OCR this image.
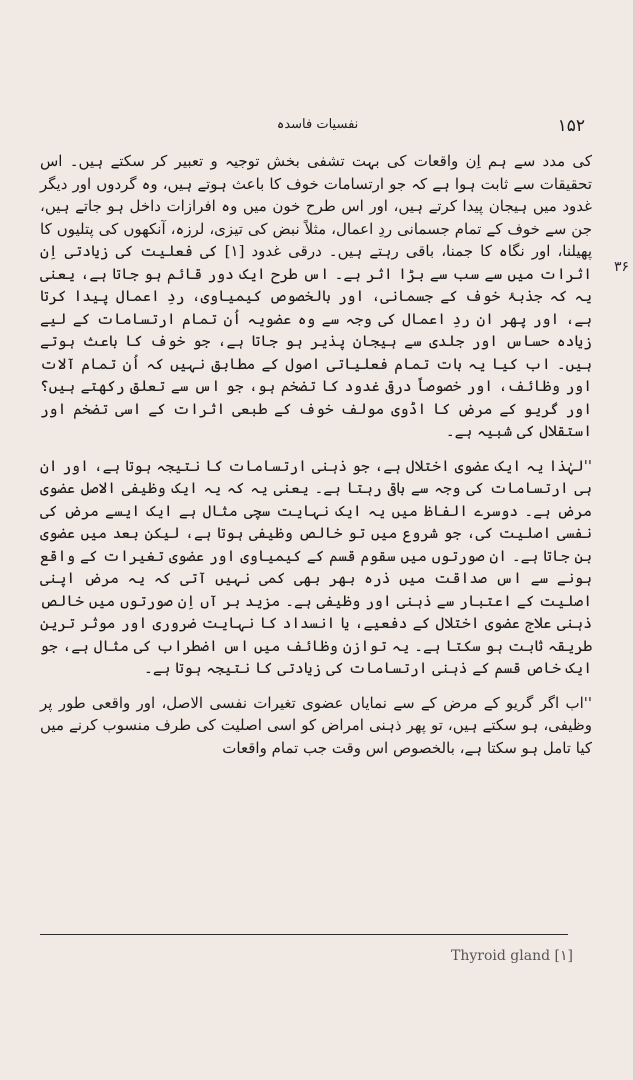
۱۵۲
نفسیات فاسدہ
۳۶

کی مدد سے ہم اِن واقعات کی بہت تشفی بخش توجیہ و تعبیر کر سکتے ہیں۔ اس تحقیقات سے ثابت ہوا ہے کہ جو ارتسامات خوف کا باعث ہوتے ہیں، وہ گردوں اور دیگر غدود میں ہیجان پیدا کرتے ہیں، اور اس طرح خون میں وہ افرازات داخل ہو جاتے ہیں، جن سے خوف کے تمام جسمانی ردِ اعمال، مثلاً نبض کی تیزی، لرزہ، آنکھوں کی پتلیوں کا پھیلنا، اور نگاہ کا جمنا، باقی رہتے ہیں۔ درقی غدود [۱] کی فعلیت کی زیادتی اِن اثرات میں سے سب سے بڑا اثر ہے۔ اس طرح ایک دور قائم ہو جاتا ہے، یعنی یہ کہ جذبۂ خوف کے جسمانی، اور بالخصوص کیمیاوی، ردِ اعمال پیدا کرتا ہے، اور پھر ان ردِ اعمال کی وجہ سے وہ عضویہ اُن تمام ارتسامات کے لیے زیادہ حساس اور جلدی سے ہیجان پذیر ہو جاتا ہے، جو خوف کا باعث ہوتے ہیں۔ اب کیا یہ بات تمام فعلیاتی اصول کے مطابق نہیں کہ اُن تمام آلات اور وظائف، اور خصوصاً درقی غدود کا تضخم ہو، جو اس سے تعلق رکھتے ہیں؟ اور گریو کے مرض کا اڈوی مولف خوف کے طبعی اثرات کے اسی تضخم اور استقلال کی شبیہ ہے۔

''لہٰذا یہ ایک عضوی اختلال ہے، جو ذہنی ارتسامات کا نتیجہ ہوتا ہے، اور ان ہی ارتسامات کی وجہ سے باقی رہتا ہے۔ یعنی یہ کہ یہ ایک وظیفی الاصل عضوی مرض ہے۔ دوسرے الفاظ میں یہ ایک نہایت سچی مثال ہے ایک ایسے مرض کی نفسی اصلیت کی، جو شروع میں تو خالص وظیفی ہوتا ہے، لیکن بعد میں عضوی بن جاتا ہے۔ ان صورتوں میں سقوم قسم کے کیمیاوی اور عضوی تغیرات کے واقع ہونے سے اس صداقت میں ذرہ بھر بھی کمی نہیں آتی کہ یہ مرض اپنی اصلیت کے اعتبار سے ذہنی اور وظیفی ہے۔ مزید بر آں اِن صورتوں میں خالص ذہنی علاج عضوی اختلال کے دفعیے، یا انسداد کا نہایت ضروری اور موثر ترین طریقہ ثابت ہو سکتا ہے۔ یہ توازنِ وظائف میں اس اضطراب کی مثال ہے، جو ایک خاص قسم کے ذہنی ارتسامات کی زیادتی کا نتیجہ ہوتا ہے۔

''اب اگر گریو کے مرض کے سے نمایاں عضوی تغیرات نفسی الاصل، اور واقعی طور پر وظیفی، ہو سکتے ہیں، تو پھر ذہنی امراض کو اسی اصلیت کی طرف منسوب کرنے میں کیا تامل ہو سکتا ہے، بالخصوص اس وقت جب تمام واقعات

[۱] Thyroid gland
